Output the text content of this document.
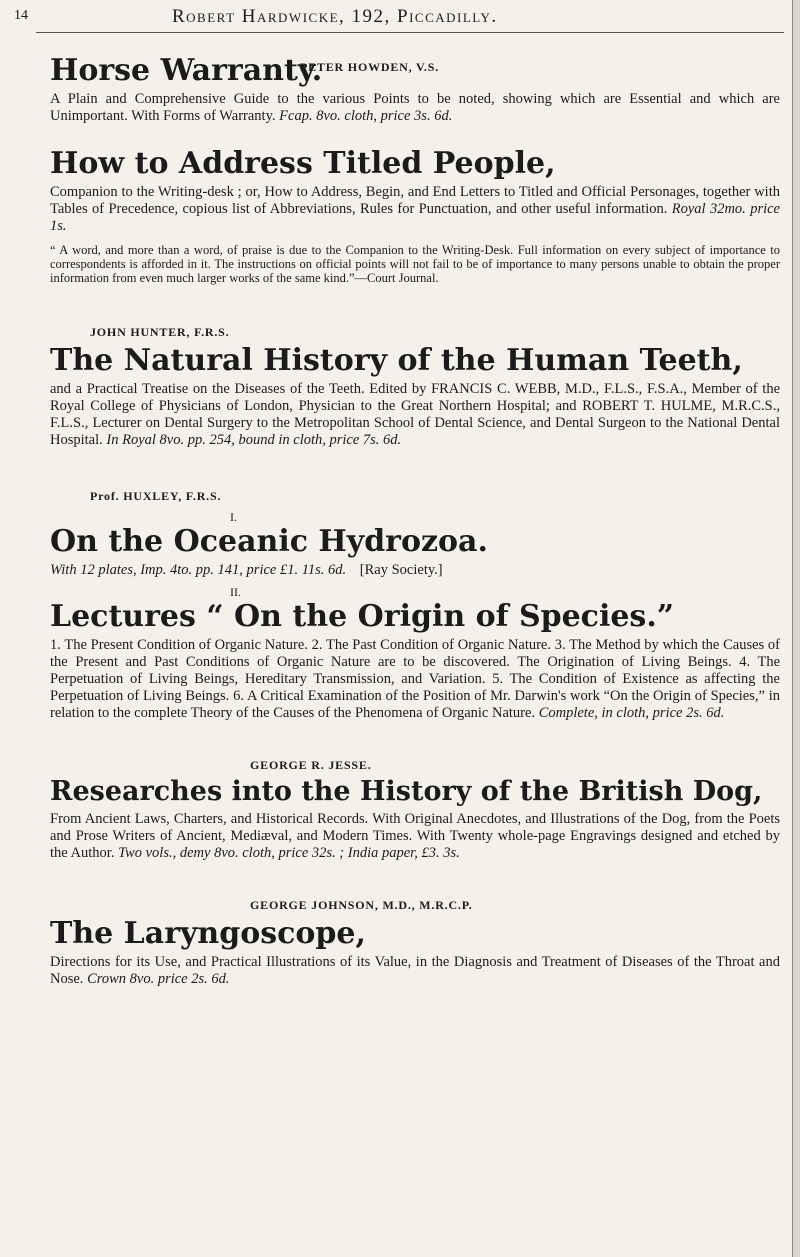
14	Robert Hardwicke, 192, Piccadilly.

PETER HOWDEN, V.S.

Horse Warranty.

A Plain and Comprehensive Guide to the various Points to be noted, showing which are Essential and which are Unimportant. With Forms of Warranty. Fcap. 8vo. cloth, price 3s. 6d.

How to Address Titled People,

Companion to the Writing-desk ; or, How to Address, Begin, and End Letters to Titled and Official Personages, together with Tables of Precedence, copious list of Abbreviations, Rules for Punctuation, and other useful information. Royal 32mo. price 1s.

“ A word, and more than a word, of praise is due to the Companion to the Writing-Desk. Full information on every subject of importance to correspondents is afforded in it. The instructions on official points will not fail to be of importance to many persons unable to obtain the proper information from even much larger works of the same kind.”—Court Journal.

JOHN HUNTER, F.R.S.

The Natural History of the Human Teeth,

and a Practical Treatise on the Diseases of the Teeth. Edited by FRANCIS C. WEBB, M.D., F.L.S., F.S.A., Member of the Royal College of Physicians of London, Physician to the Great Northern Hospital; and ROBERT T. HULME, M.R.C.S., F.L.S., Lecturer on Dental Surgery to the Metropolitan School of Dental Science, and Dental Surgeon to the National Dental Hospital. In Royal 8vo. pp. 254, bound in cloth, price 7s. 6d.

Prof. HUXLEY, F.R.S.

I.

On the Oceanic Hydrozoa.

With 12 plates, Imp. 4to. pp. 141, price £1. 11s. 6d. [Ray Society.]

II.

Lectures “ On the Origin of Species.”

1. The Present Condition of Organic Nature. 2. The Past Condition of Organic Nature. 3. The Method by which the Causes of the Present and Past Conditions of Organic Nature are to be discovered. The Origination of Living Beings. 4. The Perpetuation of Living Beings, Hereditary Transmission, and Variation. 5. The Condition of Existence as affecting the Perpetuation of Living Beings. 6. A Critical Examination of the Position of Mr. Darwin's work “On the Origin of Species,” in relation to the complete Theory of the Causes of the Phenomena of Organic Nature. Complete, in cloth, price 2s. 6d.

GEORGE R. JESSE.

Researches into the History of the British Dog,

From Ancient Laws, Charters, and Historical Records. With Original Anecdotes, and Illustrations of the Dog, from the Poets and Prose Writers of Ancient, Mediæval, and Modern Times. With Twenty whole-page Engravings designed and etched by the Author. Two vols., demy 8vo. cloth, price 32s. ; India paper, £3. 3s.

GEORGE JOHNSON, M.D., M.R.C.P.

The Laryngoscope,

Directions for its Use, and Practical Illustrations of its Value, in the Diagnosis and Treatment of Diseases of the Throat and Nose. Crown 8vo. price 2s. 6d.
